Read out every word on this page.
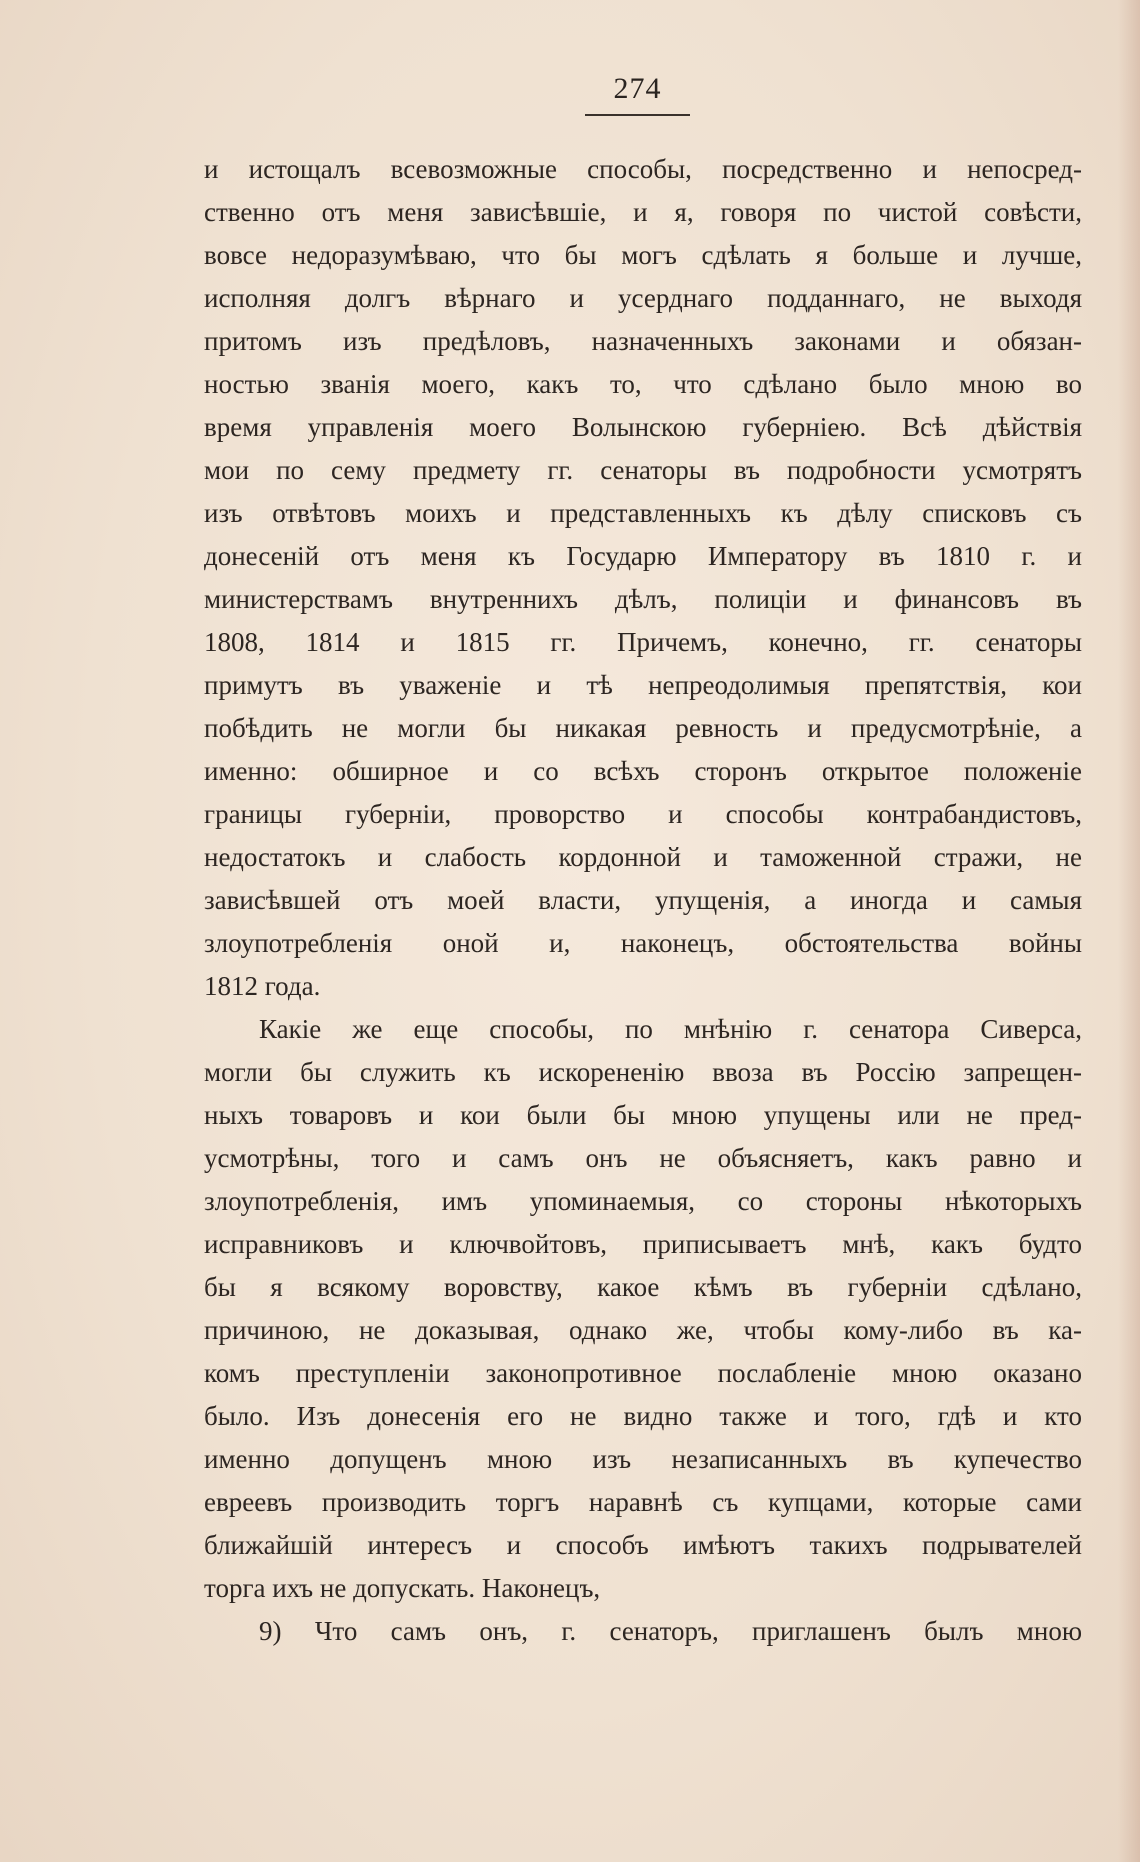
274
и истощалъ всевозможные способы, посредственно и непосред-
ственно отъ меня зависѣвшіе, и я, говоря по чистой совѣсти,
вовсе недоразумѣваю, что бы могъ сдѣлать я больше и лучше,
исполняя долгъ вѣрнаго и усерднаго подданнаго, не выходя
притомъ изъ предѣловъ, назначенныхъ законами и обязан-
ностью званія моего, какъ то, что сдѣлано было мною во
время управленія моего Волынскою губерніею. Всѣ дѣйствія
мои по сему предмету гг. сенаторы въ подробности усмотрятъ
изъ отвѣтовъ моихъ и представленныхъ къ дѣлу списковъ съ
донесеній отъ меня къ Государю Императору въ 1810 г. и
министерствамъ внутреннихъ дѣлъ, полиціи и финансовъ въ
1808, 1814 и 1815 гг. Причемъ, конечно, гг. сенаторы
примутъ въ уваженіе и тѣ непреодолимыя препятствія, кои
побѣдить не могли бы никакая ревность и предусмотрѣніе, а
именно: обширное и со всѣхъ сторонъ открытое положеніе
границы губерніи, проворство и способы контрабандистовъ,
недостатокъ и слабость кордонной и таможенной стражи, не
зависѣвшей отъ моей власти, упущенія, а иногда и самыя
злоупотребленія оной и, наконецъ, обстоятельства войны
1812 года.
Какіе же еще способы, по мнѣнію г. сенатора Сиверса,
могли бы служить къ искорененію ввоза въ Россію запрещен-
ныхъ товаровъ и кои были бы мною упущены или не пред-
усмотрѣны, того и самъ онъ не объясняетъ, какъ равно и
злоупотребленія, имъ упоминаемыя, со стороны нѣкоторыхъ
исправниковъ и ключвойтовъ, приписываетъ мнѣ, какъ будто
бы я всякому воровству, какое кѣмъ въ губерніи сдѣлано,
причиною, не доказывая, однако же, чтобы кому-либо въ ка-
комъ преступленіи законопротивное послабленіе мною оказано
было. Изъ донесенія его не видно также и того, гдѣ и кто
именно допущенъ мною изъ незаписанныхъ въ купечество
евреевъ производить торгъ наравнѣ съ купцами, которые сами
ближайшій интересъ и способъ имѣютъ такихъ подрывателей
торга ихъ не допускать. Наконецъ,
9) Что самъ онъ, г. сенаторъ, приглашенъ былъ мною
